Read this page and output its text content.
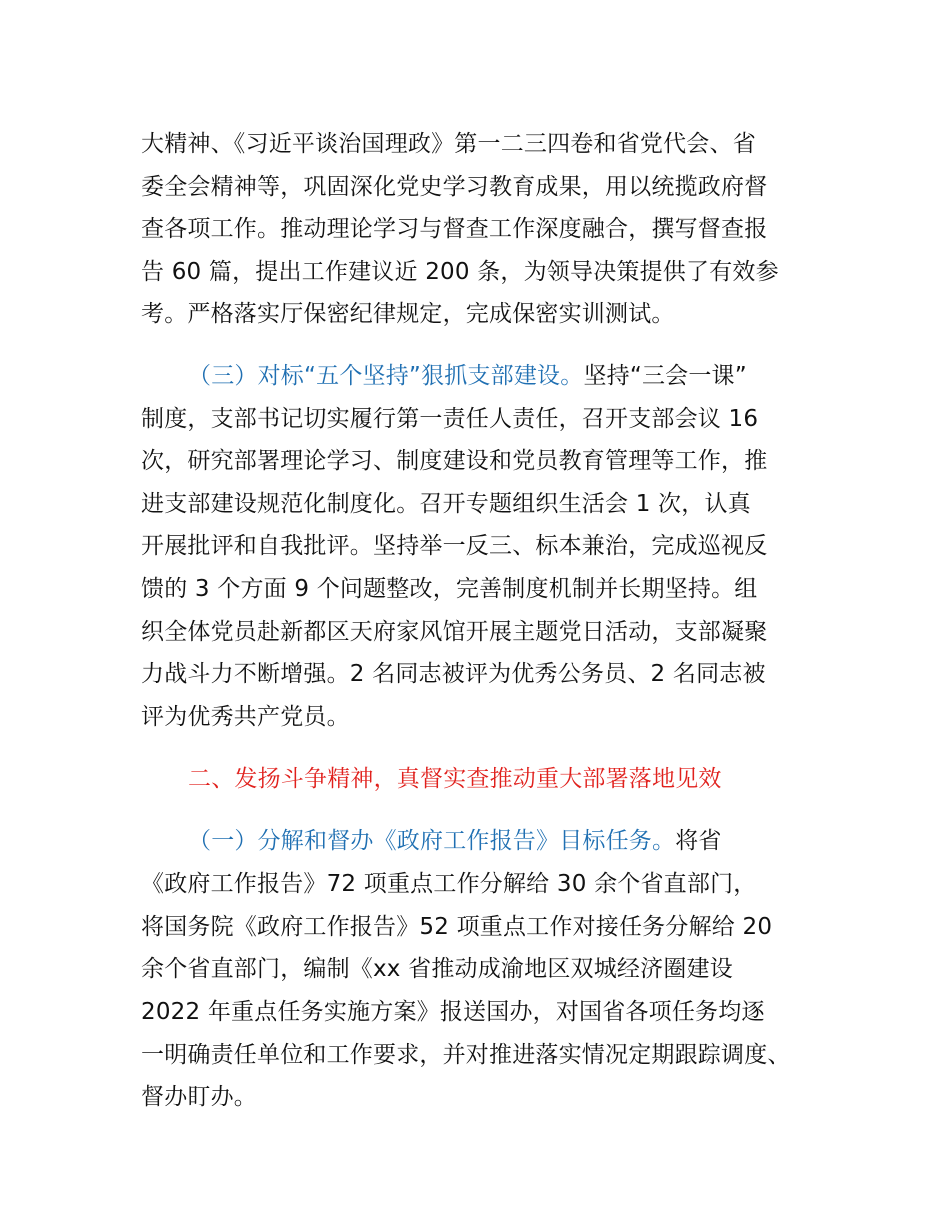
大精神、《习近平谈治国理政》第一二三四卷和省党代会、省
委全会精神等，巩固深化党史学习教育成果，用以统揽政府督
查各项工作。推动理论学习与督查工作深度融合，撰写督查报
告 60 篇，提出工作建议近 200 条，为领导决策提供了有效参
考。严格落实厅保密纪律规定，完成保密实训测试。
（三）对标“五个坚持”狠抓支部建设。坚持“三会一课”
制度，支部书记切实履行第一责任人责任，召开支部会议 16
次，研究部署理论学习、制度建设和党员教育管理等工作，推
进支部建设规范化制度化。召开专题组织生活会 1 次，认真
开展批评和自我批评。坚持举一反三、标本兼治，完成巡视反
馈的 3 个方面 9 个问题整改，完善制度机制并长期坚持。组
织全体党员赴新都区天府家风馆开展主题党日活动，支部凝聚
力战斗力不断增强。2 名同志被评为优秀公务员、2 名同志被
评为优秀共产党员。
二、发扬斗争精神，真督实查推动重大部署落地见效
（一）分解和督办《政府工作报告》目标任务。将省
《政府工作报告》72 项重点工作分解给 30 余个省直部门，
将国务院《政府工作报告》52 项重点工作对接任务分解给 20
余个省直部门，编制《xx 省推动成渝地区双城经济圈建设
2022 年重点任务实施方案》报送国办，对国省各项任务均逐
一明确责任单位和工作要求，并对推进落实情况定期跟踪调度、
督办盯办。
